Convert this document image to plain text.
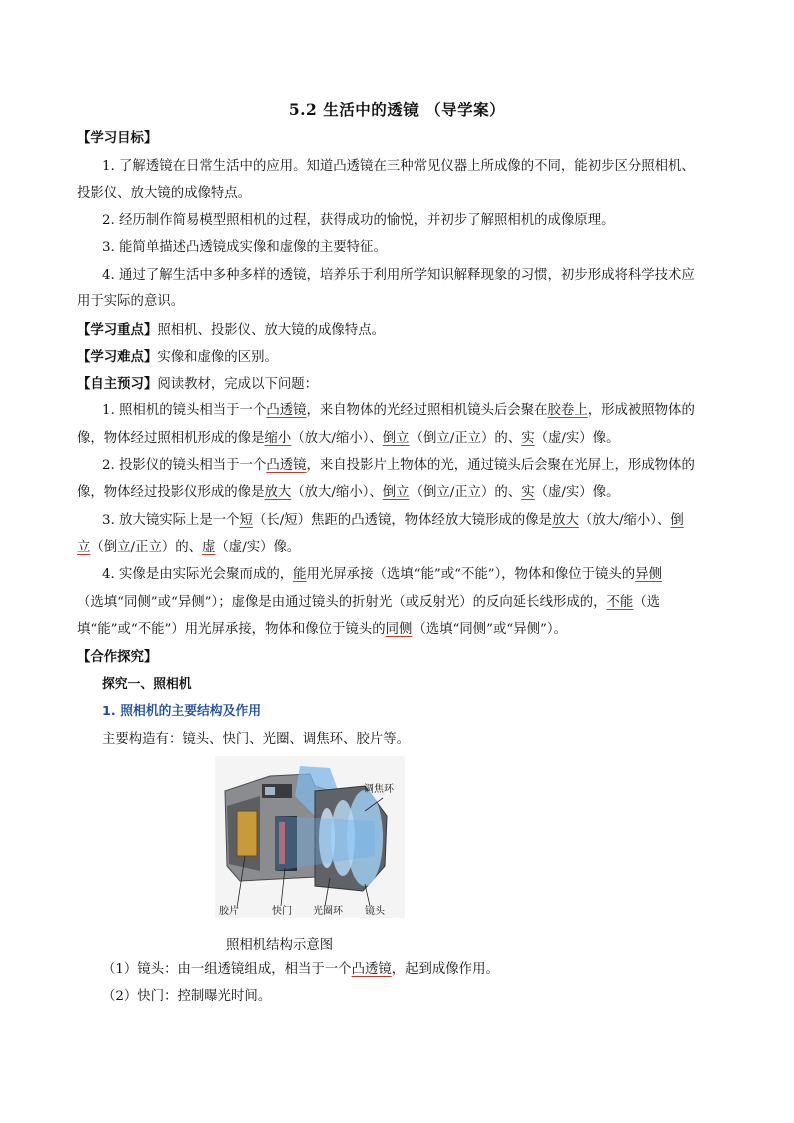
5.2 生活中的透镜 （导学案）
【学习目标】
1. 了解透镜在日常生活中的应用。知道凸透镜在三种常见仪器上所成像的不同，能初步区分照相机、
投影仪、放大镜的成像特点。
2. 经历制作简易模型照相机的过程，获得成功的愉悦，并初步了解照相机的成像原理。
3. 能简单描述凸透镜成实像和虚像的主要特征。
4. 通过了解生活中多种多样的透镜，培养乐于利用所学知识解释现象的习惯，初步形成将科学技术应
用于实际的意识。
【学习重点】照相机、投影仪、放大镜的成像特点。
【学习难点】实像和虚像的区别。
【自主预习】阅读教材，完成以下问题：
1. 照相机的镜头相当于一个凸透镜，来自物体的光经过照相机镜头后会聚在胶卷上，形成被照物体的
像，物体经过照相机形成的像是缩小（放大/缩小）、倒立（倒立/正立）的、实（虚/实）像。
2. 投影仪的镜头相当于一个凸透镜，来自投影片上物体的光，通过镜头后会聚在光屏上，形成物体的
像，物体经过投影仪形成的像是放大（放大/缩小）、倒立（倒立/正立）的、实（虚/实）像。
3. 放大镜实际上是一个短（长/短）焦距的凸透镜，物体经放大镜形成的像是放大（放大/缩小）、倒
立（倒立/正立）的、虚（虚/实）像。
4. 实像是由实际光会聚而成的，能用光屏承接（选填“能”或“不能”），物体和像位于镜头的异侧
（选填“同侧”或“异侧”）；虚像是由通过镜头的折射光（或反射光）的反向延长线形成的，不能（选
填“能”或“不能”）用光屏承接，物体和像位于镜头的同侧（选填“同侧”或“异侧”）。
【合作探究】
探究一、照相机
1. 照相机的主要结构及作用
主要构造有：镜头、快门、光圈、调焦环、胶片等。
调焦环
胶片	快门 光圈环 镜头
照相机结构示意图
（1）镜头：由一组透镜组成，相当于一个凸透镜，起到成像作用。
（2）快门：控制曝光时间。
